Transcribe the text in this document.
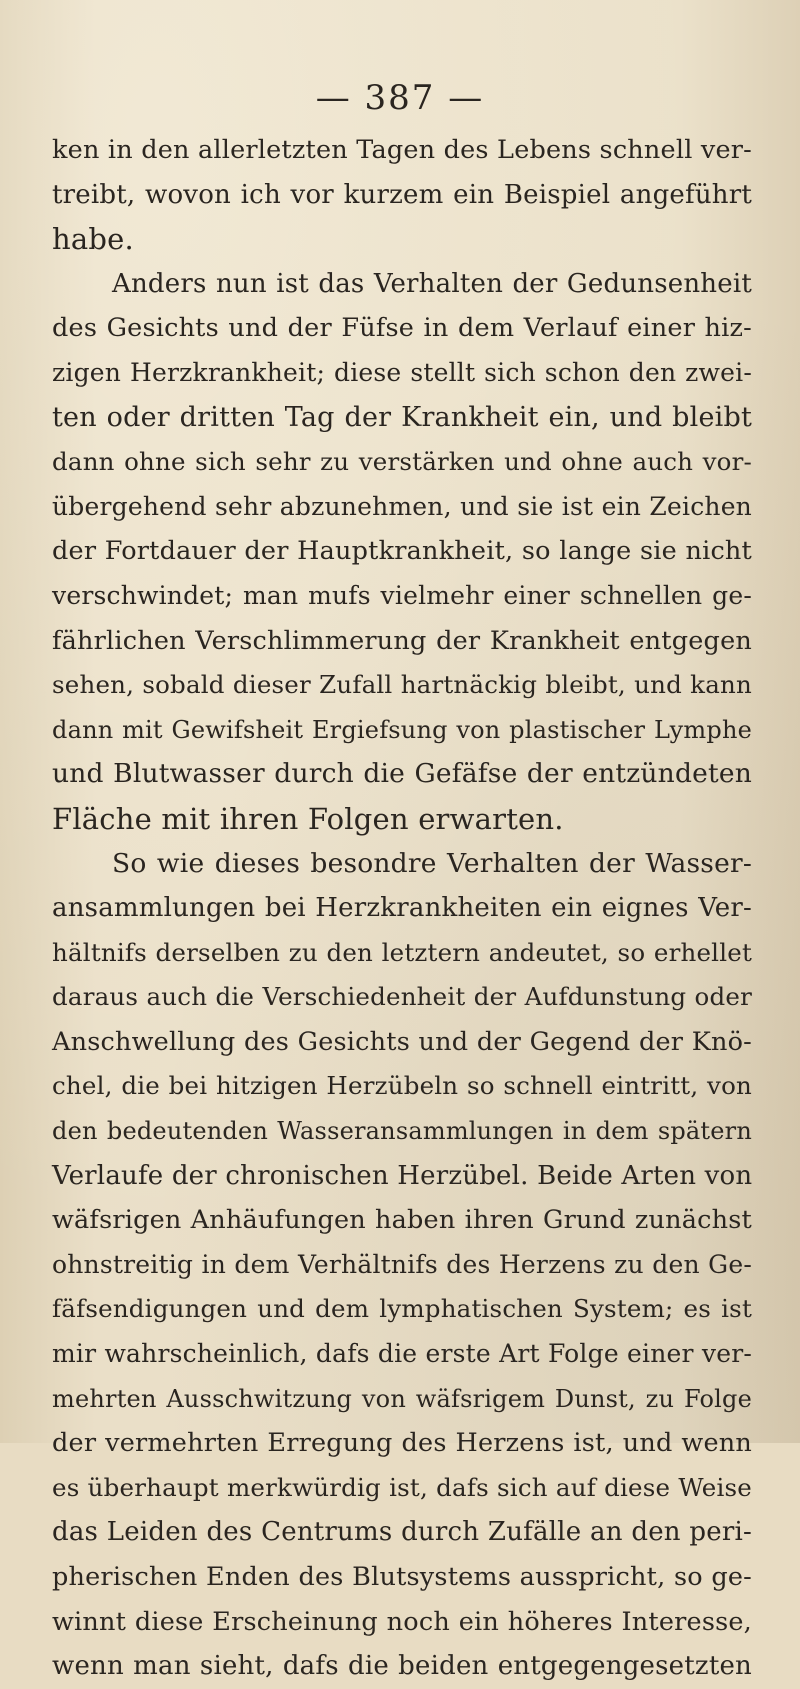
— 387 —
ken in den allerletzten Tagen des Lebens schnell ver-
treibt, wovon ich vor kurzem ein Beispiel angeführt
habe.
Anders nun ist das Verhalten der Gedunsenheit
des Gesichts und der Füfse in dem Verlauf einer hiz-
zigen Herzkrankheit; diese stellt sich schon den zwei-
ten oder dritten Tag der Krankheit ein, und bleibt
dann ohne sich sehr zu verstärken und ohne auch vor-
übergehend sehr abzunehmen, und sie ist ein Zeichen
der Fortdauer der Hauptkrankheit, so lange sie nicht
verschwindet; man mufs vielmehr einer schnellen ge-
fährlichen Verschlimmerung der Krankheit entgegen
sehen, sobald dieser Zufall hartnäckig bleibt, und kann
dann mit Gewifsheit Ergiefsung von plastischer Lymphe
und Blutwasser durch die Gefäfse der entzündeten
Fläche mit ihren Folgen erwarten.
So wie dieses besondre Verhalten der Wasser-
ansammlungen bei Herzkrankheiten ein eignes Ver-
hältnifs derselben zu den letztern andeutet, so erhellet
daraus auch die Verschiedenheit der Aufdunstung oder
Anschwellung des Gesichts und der Gegend der Knö-
chel, die bei hitzigen Herzübeln so schnell eintritt, von
den bedeutenden Wasseransammlungen in dem spätern
Verlaufe der chronischen Herzübel. Beide Arten von
wäfsrigen Anhäufungen haben ihren Grund zunächst
ohnstreitig in dem Verhältnifs des Herzens zu den Ge-
fäfsendigungen und dem lymphatischen System; es ist
mir wahrscheinlich, dafs die erste Art Folge einer ver-
mehrten Ausschwitzung von wäfsrigem Dunst, zu Folge
der vermehrten Erregung des Herzens ist, und wenn
es überhaupt merkwürdig ist, dafs sich auf diese Weise
das Leiden des Centrums durch Zufälle an den peri-
pherischen Enden des Blutsystems ausspricht, so ge-
winnt diese Erscheinung noch ein höheres Interesse,
wenn man sieht, dafs die beiden entgegengesetzten
